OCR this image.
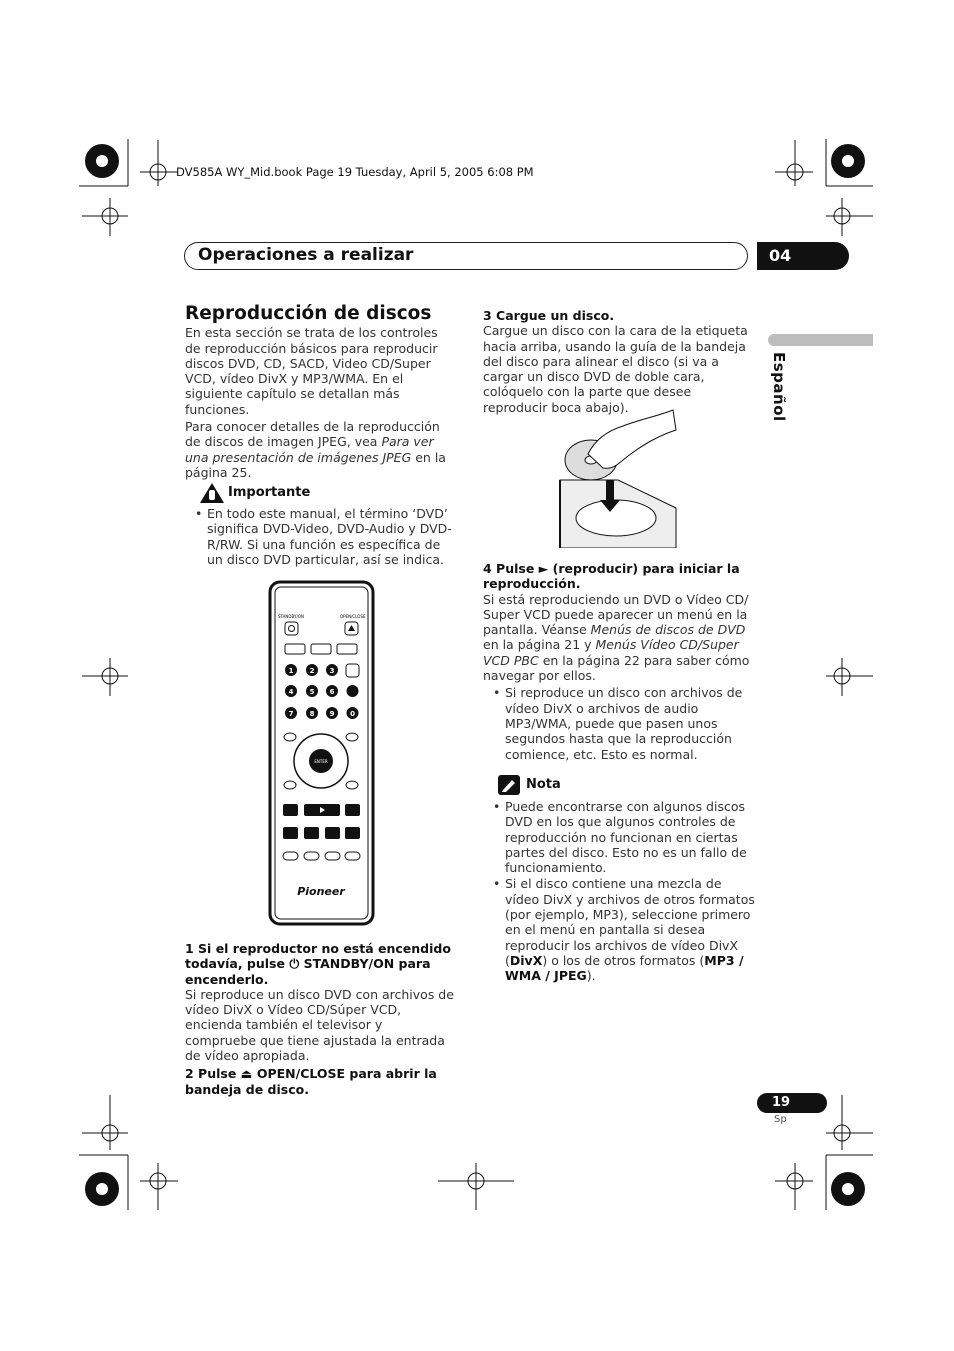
DV585A WY_Mid.book Page 19 Tuesday, April 5, 2005 6:08 PM
Operaciones a realizar	04
Español
Reproducción de discos

En esta sección se trata de los controles de reproducción básicos para reproducir discos DVD, CD, SACD, Video CD/Super VCD, vídeo DivX y MP3/WMA. En el siguiente capítulo se detallan más funciones.

Para conocer detalles de la reproducción de discos de imagen JPEG, vea Para ver una presentación de imágenes JPEG en la página 25.

Importante

• En todo este manual, el término ‘DVD’ significa DVD-Video, DVD-Audio y DVD-R/RW. Si una función es específica de un disco DVD particular, así se indica.

STANDBY/ON	OPEN/CLOSE
1 2 3
4 5 6
7 8 9 0
ENTER
Pioneer

1 Si el reproductor no está encendido todavía, pulse ⏻ STANDBY/ON para encenderlo.

Si reproduce un disco DVD con archivos de vídeo DivX o Vídeo CD/Súper VCD, encienda también el televisor y compruebe que tiene ajustada la entrada de vídeo apropiada.

2 Pulse ⏏ OPEN/CLOSE para abrir la bandeja de disco.

3 Cargue un disco.

Cargue un disco con la cara de la etiqueta hacia arriba, usando la guía de la bandeja del disco para alinear el disco (si va a cargar un disco DVD de doble cara, colóquelo con la parte que desee reproducir boca abajo).

4 Pulse ► (reproducir) para iniciar la reproducción.

Si está reproduciendo un DVD o Vídeo CD/ Super VCD puede aparecer un menú en la pantalla. Véanse Menús de discos de DVD en la página 21 y Menús Vídeo CD/Super VCD PBC en la página 22 para saber cómo navegar por ellos.

• Si reproduce un disco con archivos de vídeo DivX o archivos de audio MP3/WMA, puede que pasen unos segundos hasta que la reproducción comience, etc. Esto es normal.

Nota

• Puede encontrarse con algunos discos DVD en los que algunos controles de reproducción no funcionan en ciertas partes del disco. Esto no es un fallo de funcionamiento.

• Si el disco contiene una mezcla de vídeo DivX y archivos de otros formatos (por ejemplo, MP3), seleccione primero en el menú en pantalla si desea reproducir los archivos de vídeo DivX (DivX) o los de otros formatos (MP3 / WMA / JPEG).

19
Sp
